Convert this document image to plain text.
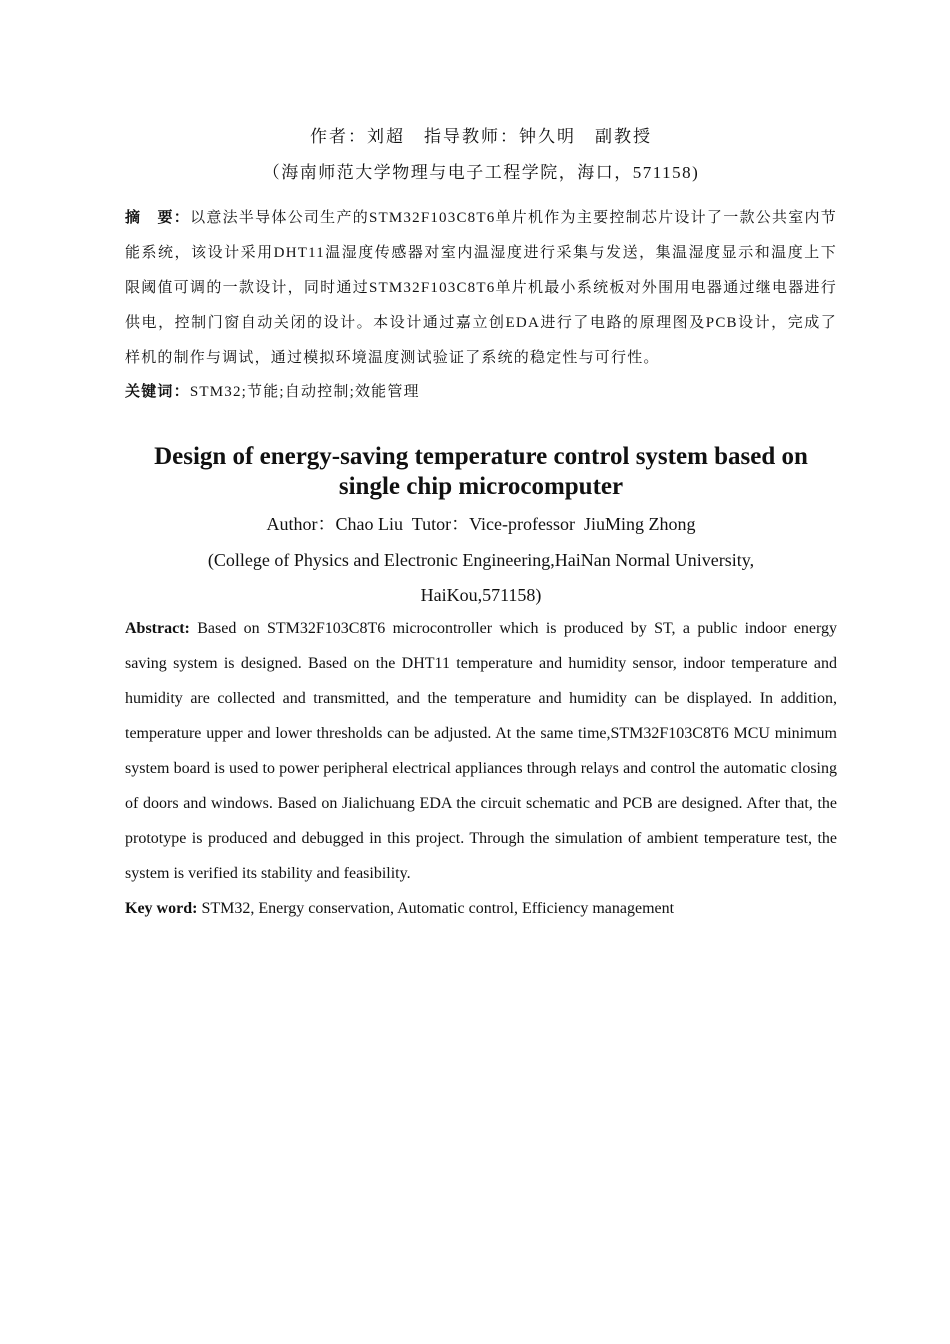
作者：刘超　指导教师：钟久明　副教授
（海南师范大学物理与电子工程学院，海口，571158)

摘　要：以意法半导体公司生产的STM32F103C8T6单片机作为主要控制芯片设计了一款公共室内节能系统，该设计采用DHT11温湿度传感器对室内温湿度进行采集与发送，集温湿度显示和温度上下限阈值可调的一款设计，同时通过STM32F103C8T6单片机最小系统板对外围用电器通过继电器进行供电，控制门窗自动关闭的设计。本设计通过嘉立创EDA进行了电路的原理图及PCB设计，完成了样机的制作与调试，通过模拟环境温度测试验证了系统的稳定性与可行性。

关键词：STM32;节能;自动控制;效能管理

Design of energy-saving temperature control system based on single chip microcomputer
Author：Chao Liu  Tutor：Vice-professor  JiuMing Zhong

(College of Physics and Electronic Engineering,HaiNan Normal University, HaiKou,571158)

Abstract: Based on STM32F103C8T6 microcontroller which is produced by ST, a public indoor energy saving system is designed. Based on the DHT11 temperature and humidity sensor, indoor temperature and humidity are collected and transmitted, and the temperature and humidity can be displayed. In addition, temperature upper and lower thresholds can be adjusted. At the same time,STM32F103C8T6 MCU minimum system board is used to power peripheral electrical appliances through relays and control the automatic closing of doors and windows. Based on Jialichuang EDA the circuit schematic and PCB are designed. After that, the prototype is produced and debugged in this project. Through the simulation of ambient temperature test, the system is verified its stability and feasibility.

Key word: STM32, Energy conservation, Automatic control, Efficiency management
